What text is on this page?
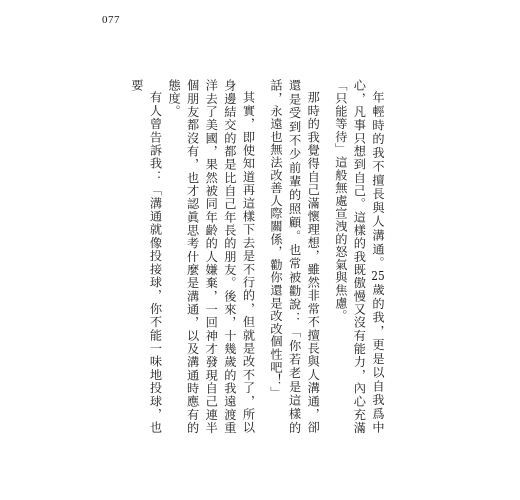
077

年輕時的我不擅長與人溝通。25歲的我，更是以自我爲中心，凡事只想到自己。這樣的我既傲慢又沒有能力，內心充滿「只能等待」這般無處宣洩的怒氣與焦慮。

那時的我覺得自己滿懷理想，雖然非常不擅長與人溝通，卻還是受到不少前輩的照顧。也常被勸說：「你若老是這樣的話，永遠也無法改善人際關係，勸你還是改改個性吧！」

其實，即使知道再這樣下去是不行的，但就是改不了，所以身邊結交的都是比自己年長的朋友。後來，十幾歲的我遠渡重洋去了美國，果然被同年齡的人嫌棄，一回神才發現自己連半個朋友都沒有，也才認眞思考什麼是溝通，以及溝通時應有的態度。

有人曾告訴我：「溝通就像投接球，你不能一味地投球，也要
